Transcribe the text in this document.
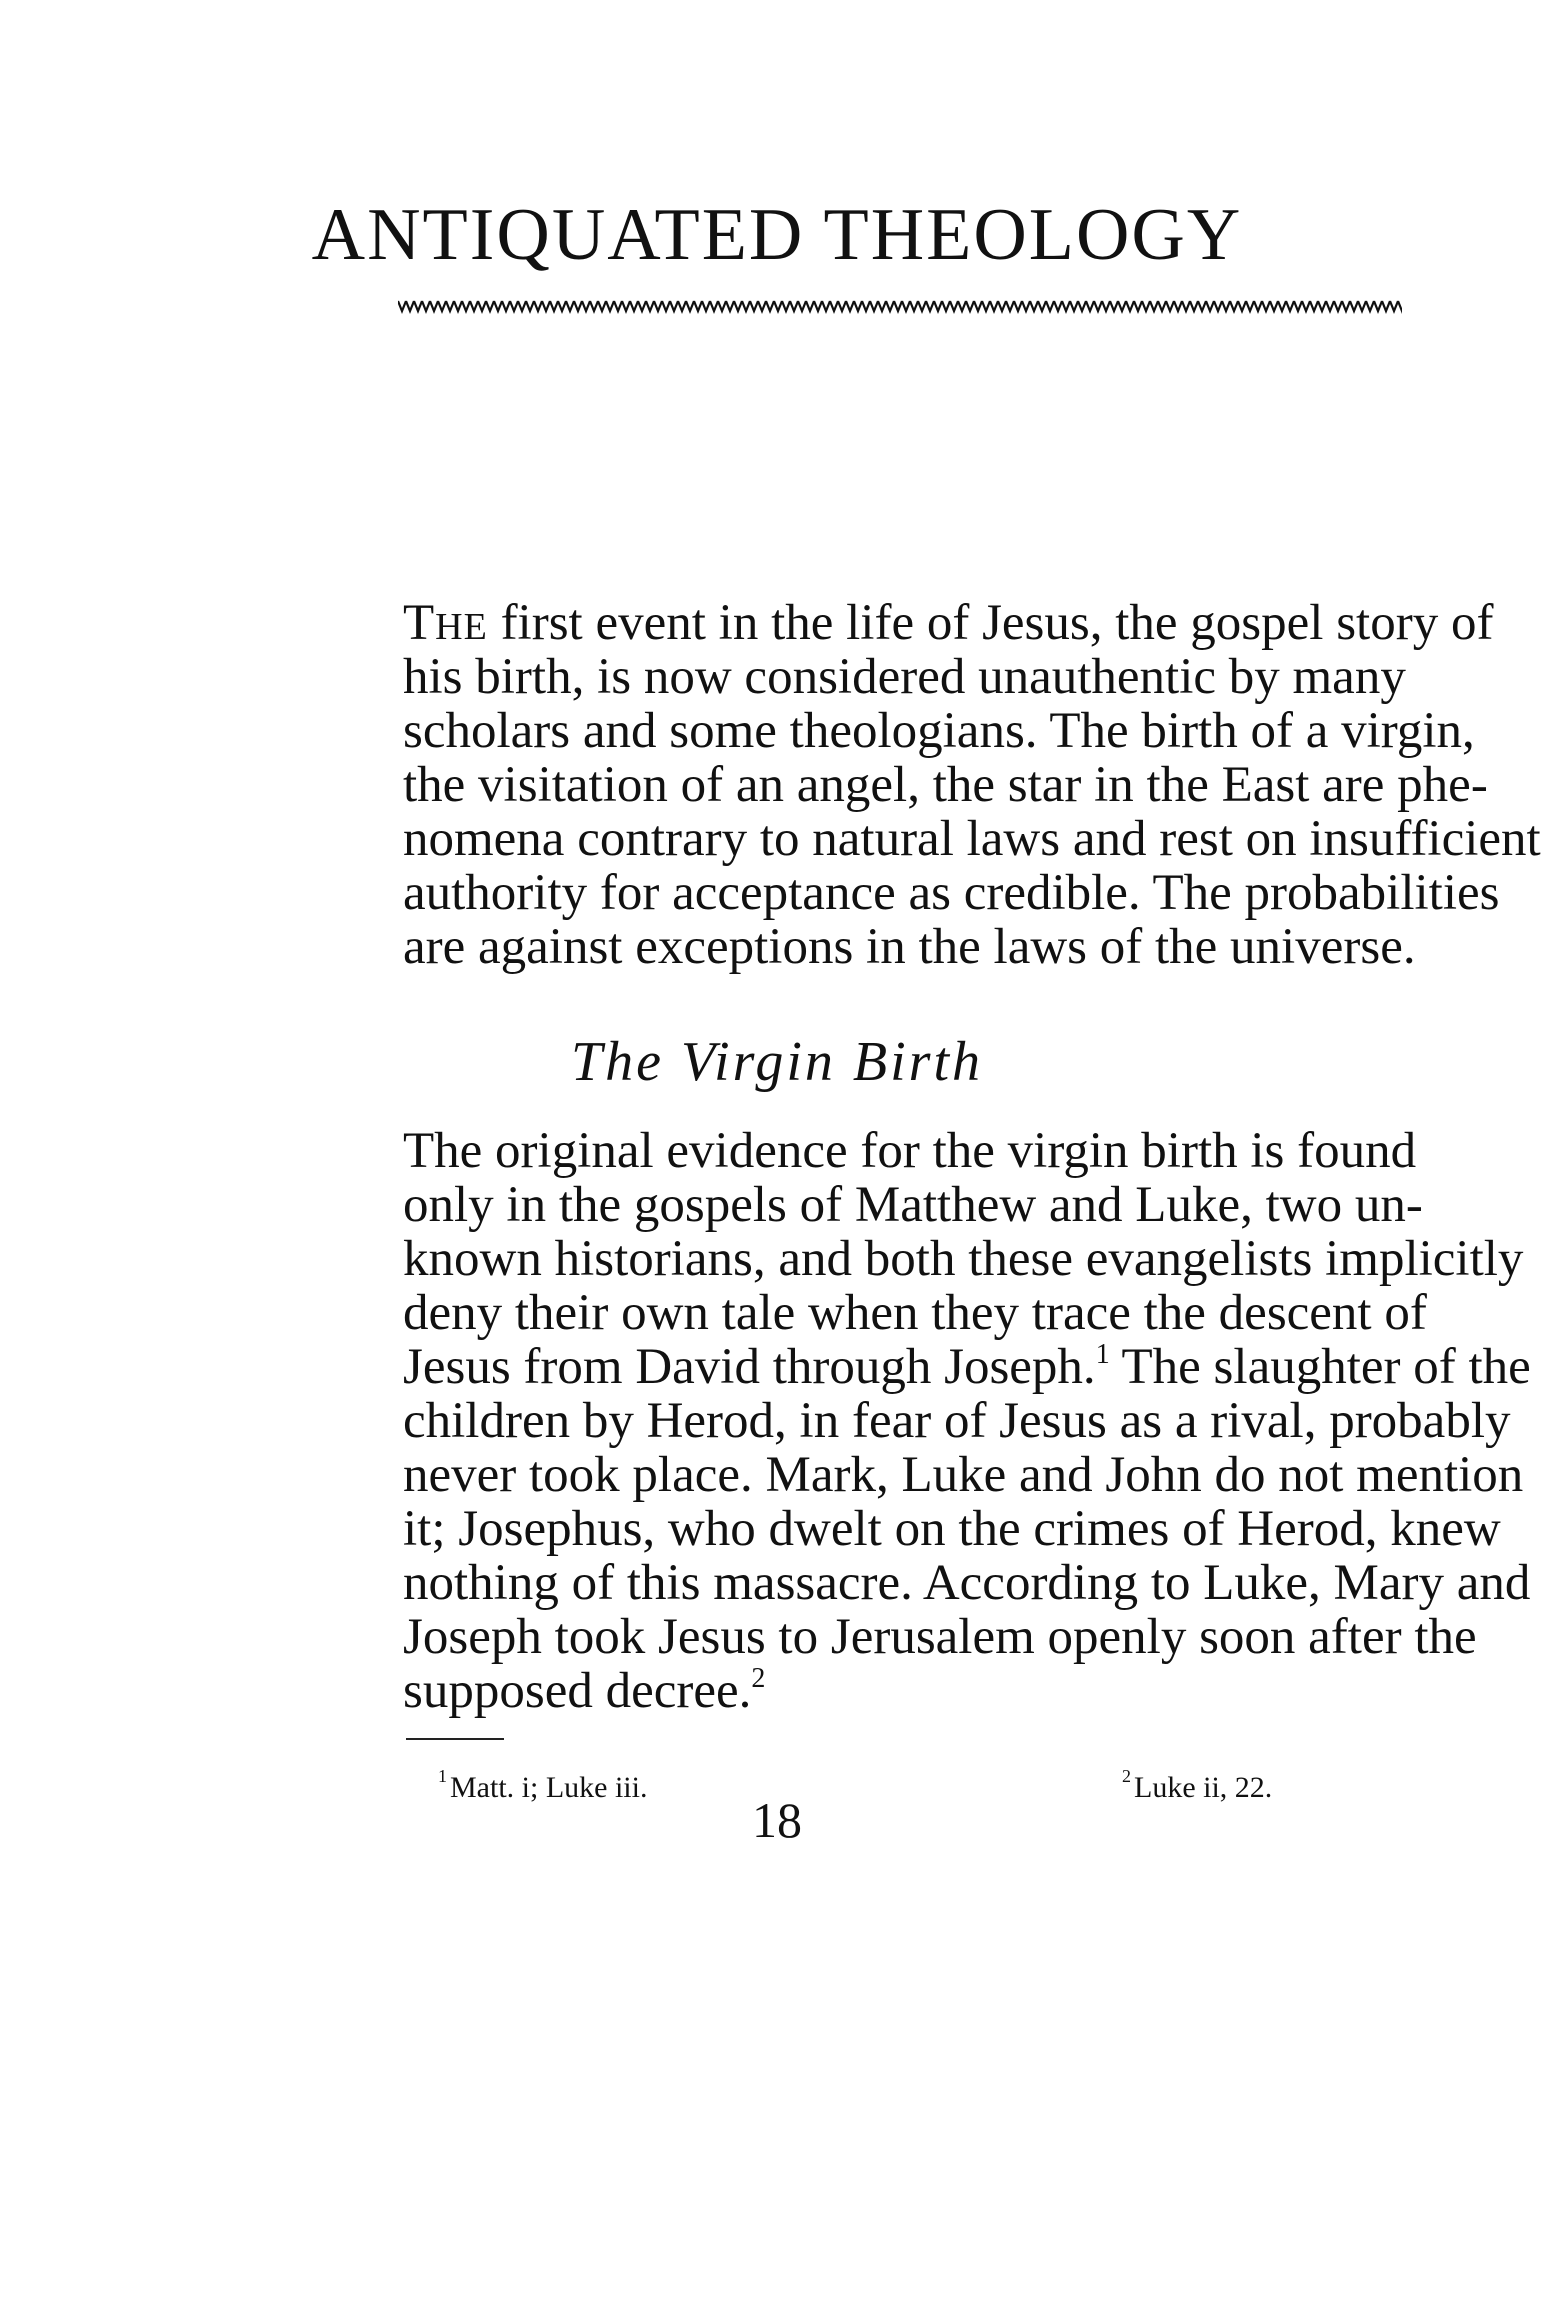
ANTIQUATED THEOLOGY
THE first event in the life of Jesus, the gospel story of
his birth, is now considered unauthentic by many
scholars and some theologians. The birth of a virgin,
the visitation of an angel, the star in the East are phe-
nomena contrary to natural laws and rest on insufficient
authority for acceptance as credible. The probabilities
are against exceptions in the laws of the universe.
The Virgin Birth
The original evidence for the virgin birth is found
only in the gospels of Matthew and Luke, two un-
known historians, and both these evangelists implicitly
deny their own tale when they trace the descent of
Jesus from David through Joseph.$^1$ The slaughter of the
children by Herod, in fear of Jesus as a rival, probably
never took place. Mark, Luke and John do not mention
it; Josephus, who dwelt on the crimes of Herod, knew
nothing of this massacre. According to Luke, Mary and
Joseph took Jesus to Jerusalem openly soon after the
supposed decree.$^2$
$^1$ Matt. i; Luke iii.	$^2$ Luke ii, 22.
18
